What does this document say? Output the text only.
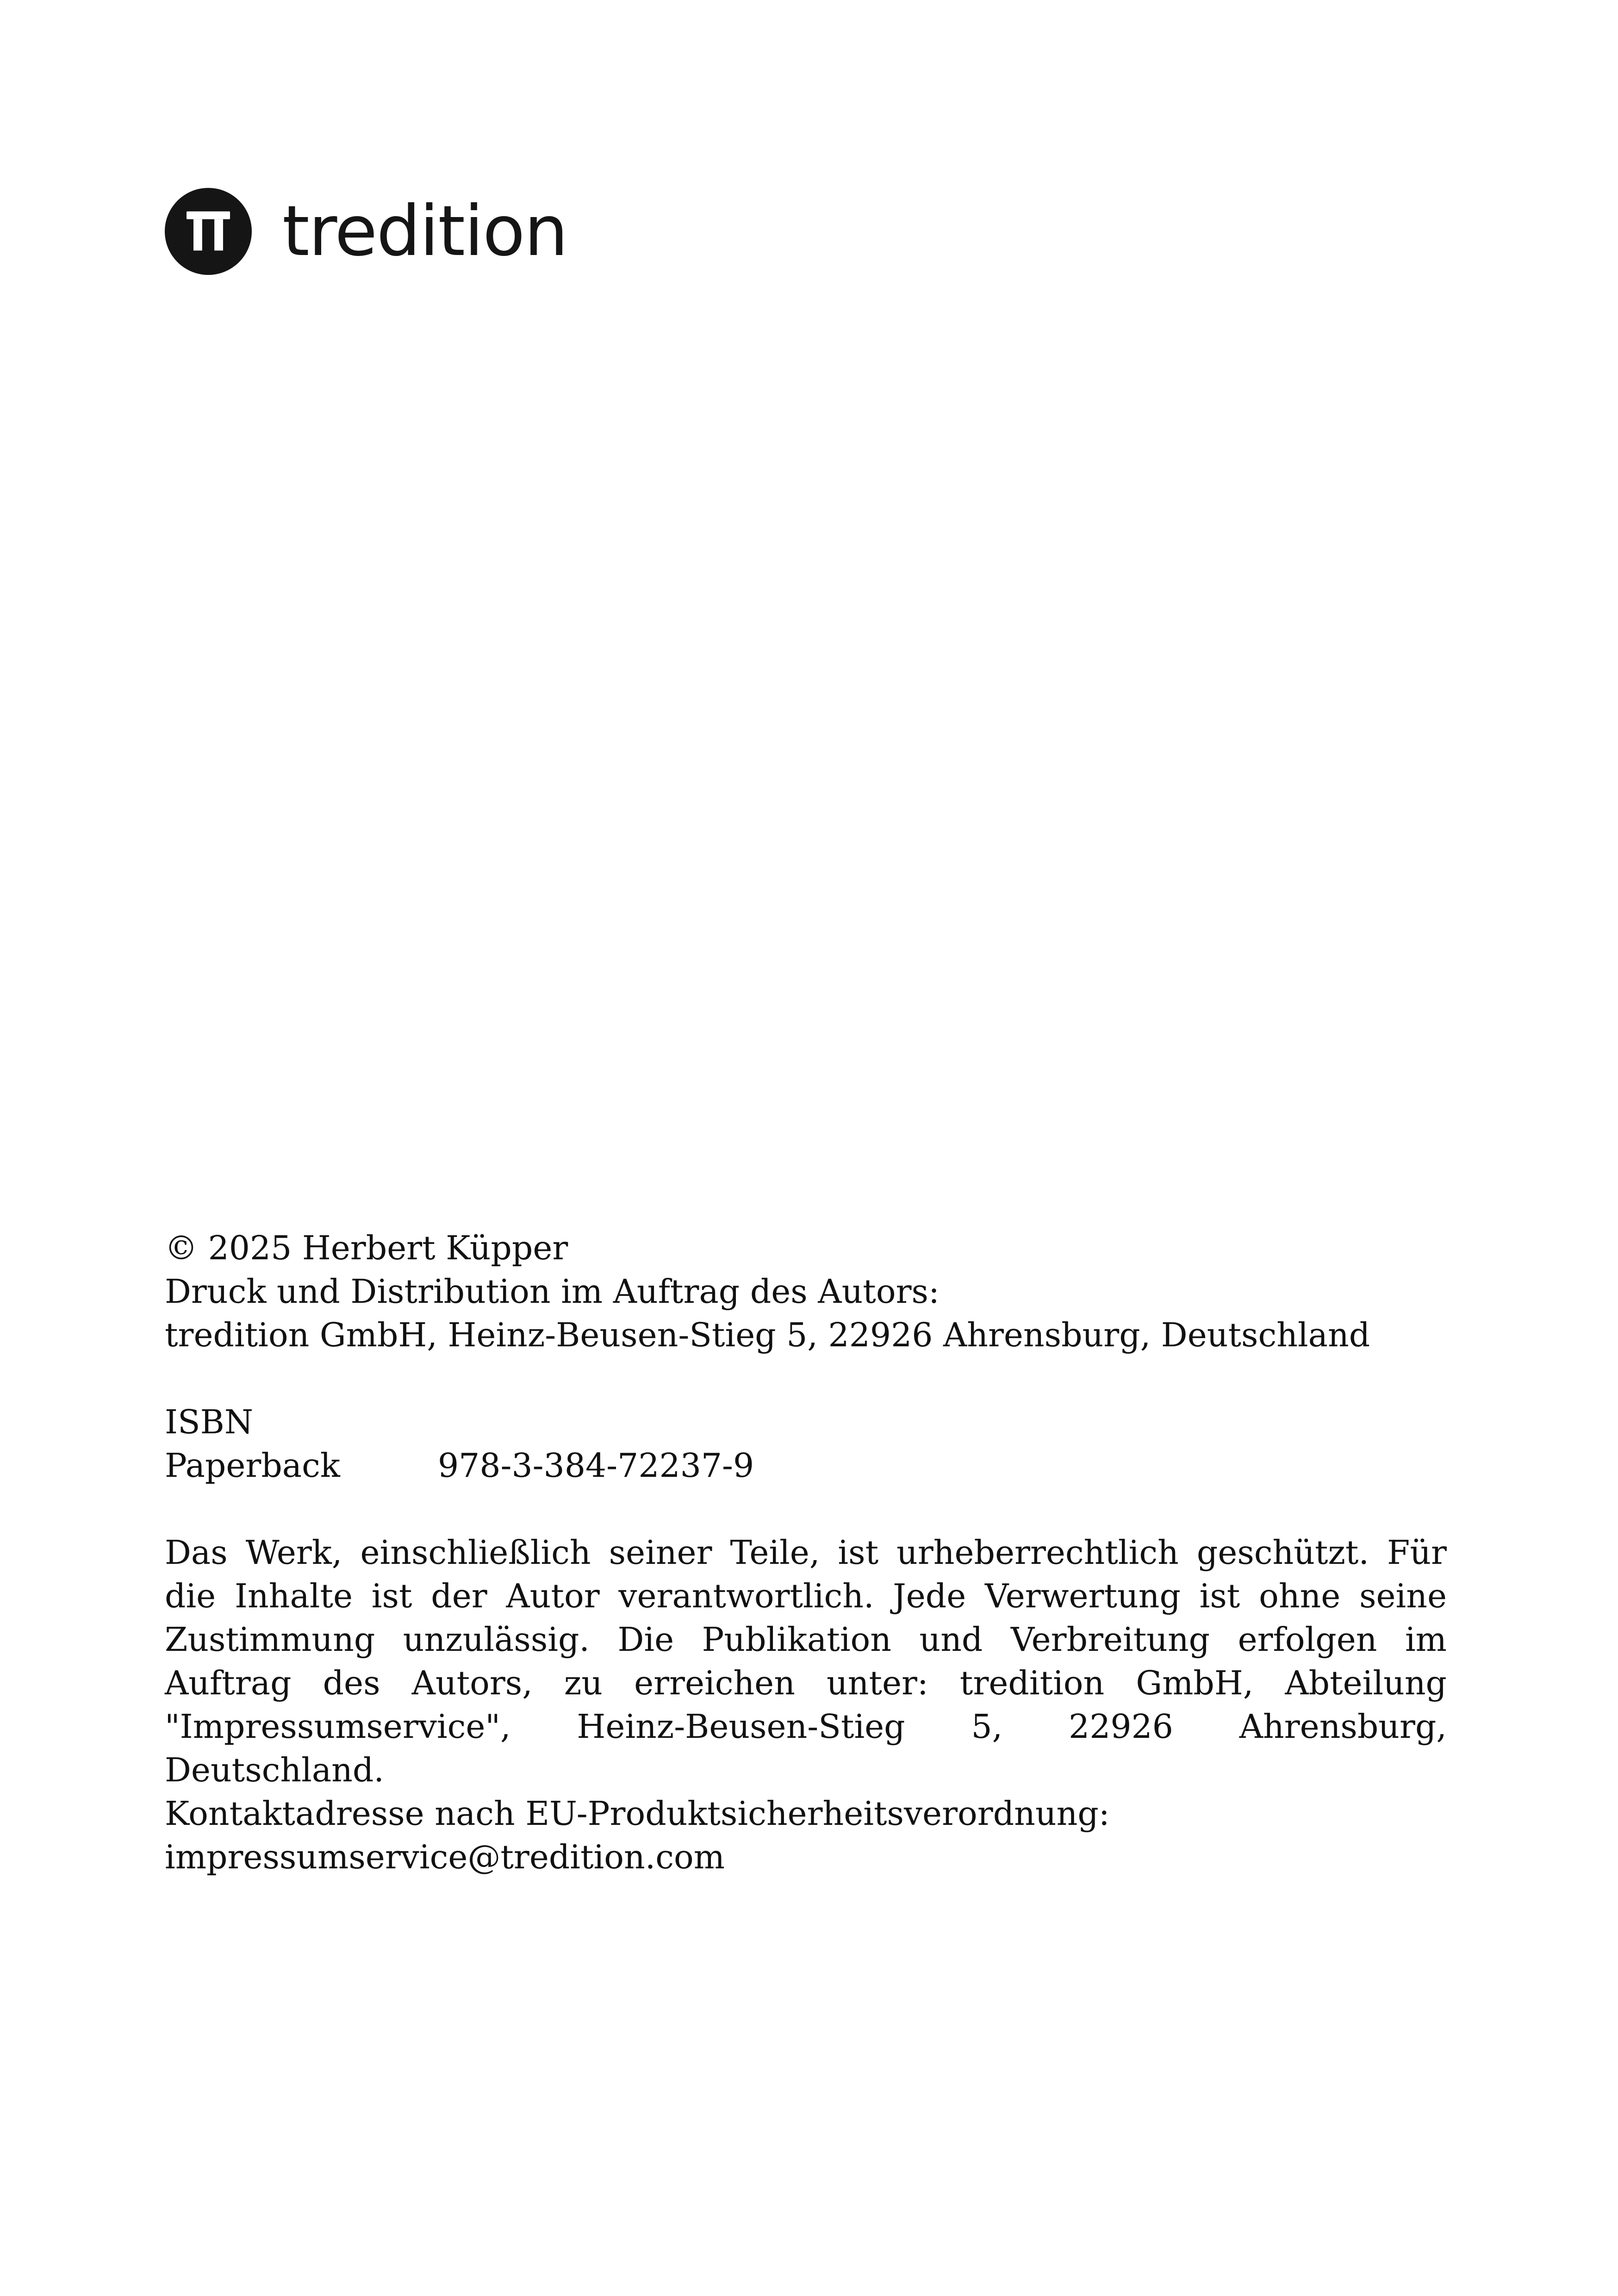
tredition

© 2025 Herbert Küpper

Druck und Distribution im Auftrag des Autors:

tredition GmbH, Heinz-Beusen-Stieg 5, 22926 Ahrensburg, Deutschland

ISBN

Paperback	978-3-384-72237-9

Das Werk, einschließlich seiner Teile, ist urheberrechtlich geschützt. Für die Inhalte ist der Autor verantwortlich. Jede Verwertung ist ohne seine Zustimmung unzulässig. Die Publikation und Verbreitung erfolgen im Auftrag des Autors, zu erreichen unter: tredition GmbH, Abteilung "Impressumservice", Heinz-Beusen-Stieg 5, 22926 Ahrensburg, Deutschland.

Kontaktadresse nach EU-Produktsicherheitsverordnung: impressumservice@tredition.com
